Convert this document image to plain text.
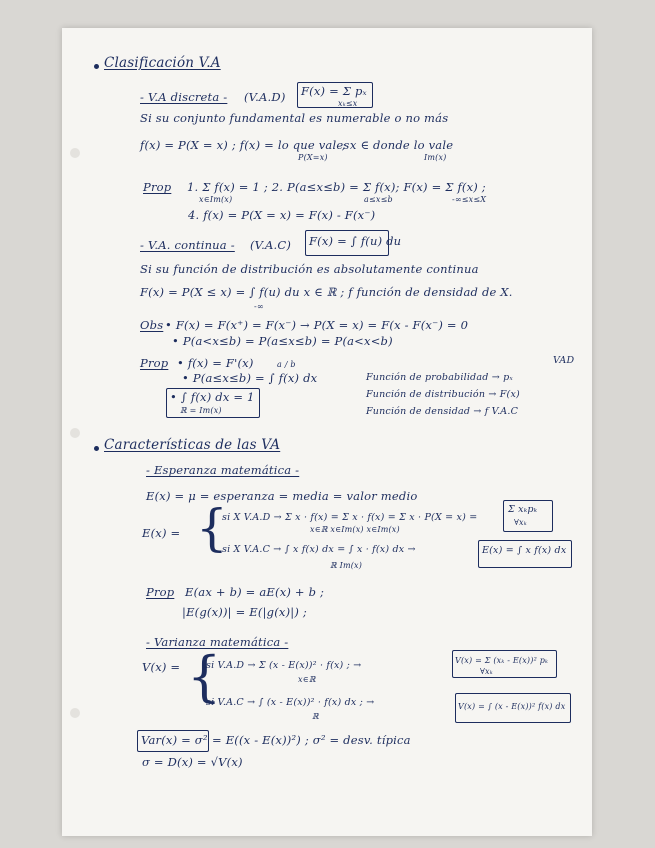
Clasificación V.A
- V.A discreta - (V.A.D) F(x) = Σ pₓ
xₖ≤x
Si su conjunto fundamental es numerable o no más
f(x) = P(X = x) ; f(x) = lo que vales
; x ∈ donde lo vale
P(X=x)	Im(x)
Prop 1. Σ f(x) = 1 ; 2. P(a≤x≤b) = Σ f(x); F(x) = Σ f(x) ;
x∈Im(x)	a≤x≤b	-∞≤x≤X
4. f(x) = P(X = x) = F(x) - F(x⁻)
- V.A. continua - (V.A.C) F(x) = ∫ f(u) du
Si su función de distribución es absolutamente continua
F(x) = P(X ≤ x) = ∫ f(u) du x ∈ ℝ ; f función de densidad de X.
-∞
Obs • F(x) = F(x⁺) = F(x⁻) → P(X = x) = F(x - F(x⁻) = 0
• P(a<x≤b) = P(a≤x≤b) = P(a<x<b)
Prop • f(x) = F'(x)
• P(a≤x≤b) = ∫ f(x) dx
a / b
• ∫ f(x) dx = 1
ℝ = Im(x)
VAD
Función de probabilidad → pₓ
Función de distribución → F(x)
Función de densidad → f V.A.C
Características de las VA
- Esperanza matemática -
E(x) = μ = esperanza = media = valor medio
E(x) = {
si X V.A.D → Σ x · f(x) = Σ x · f(x) = Σ x · P(X = x) =
x∈ℝ x∈Im(x) x∈Im(x)
Σ xₖpₖ
∀xₖ
si X V.A.C → ∫ x f(x) dx = ∫ x · f(x) dx →
ℝ Im(x)
E(x) = ∫ x f(x) dx
Prop E(ax + b) = aE(x) + b ;
|E(g(x))| = E(|g(x)|) ;
- Varianza matemática -
V(x) = {
si V.A.D → Σ (x - E(x))² · f(x) ; →
x∈ℝ
V(x) = Σ (xₖ - E(x))² pₖ
∀xₖ
si V.A.C → ∫ (x - E(x))² · f(x) dx ; →
ℝ
V(x) = ∫ (x - E(x))² f(x) dx
Var(x) = σ² = E((x - E(x))²) ; σ² = desv. típica
σ = D(x) = √V(x)
